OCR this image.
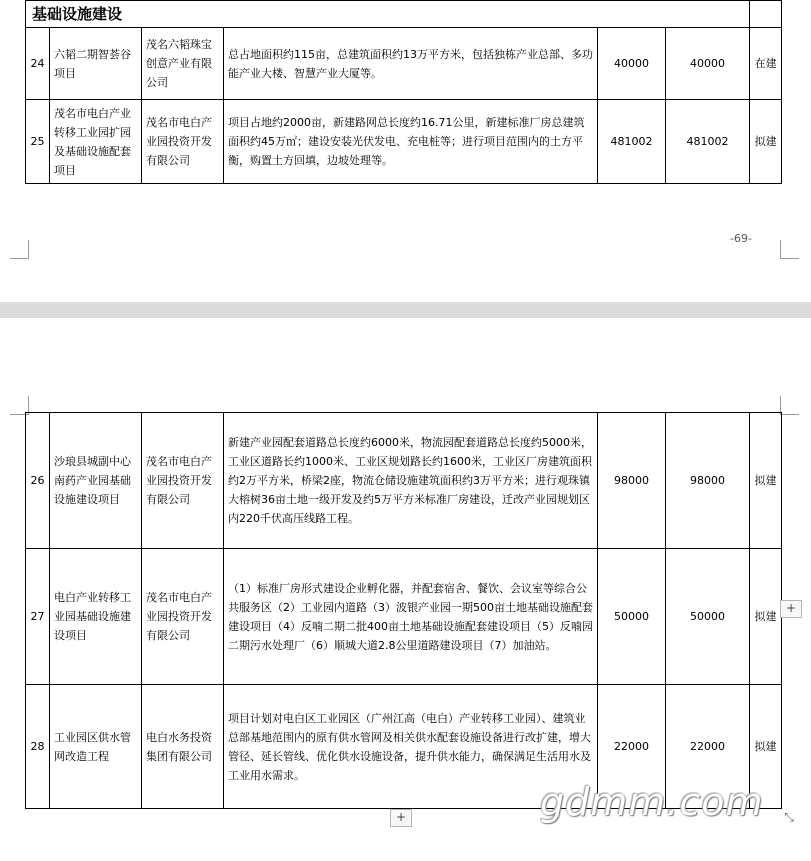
基础设施建设						
24	六韬二期智荟谷项目	茂名六韬珠宝创意产业有限公司	总占地面积约115亩，总建筑面积约13万平方米，包括独栋产业总部、多功能产业大楼、智慧产业大厦等。	40000	40000	在建
25	茂名市电白产业转移工业园扩园及基础设施配套项目	茂名市电白产业园投资开发有限公司	项目占地约2000亩，新建路网总长度约16.71公里，新建标准厂房总建筑面积约45万㎡；建设安装光伏发电、充电桩等；进行项目范围内的土方平衡，购置土方回填，边坡处理等。	481002	481002	拟建
-69-
26	沙琅县城副中心南药产业园基础设施建设项目	茂名市电白产业园投资开发有限公司	新建产业园配套道路总长度约6000米，物流园配套道路总长度约5000米，工业区道路长约1000米、工业区规划路长约1600米，工业区厂房建筑面积约2万平方米，桥梁2座，物流仓储设施建筑面积约3万平方米；进行观珠镇大榕树36亩土地一级开发及约5万平方米标准厂房建设，迁改产业园规划区内220千伏高压线路工程。	98000	98000	拟建
27	电白产业转移工业园基础设施建设项目	茂名市电白产业园投资开发有限公司	（1）标准厂房形式建设企业孵化器，并配套宿舍、餐饮、会议室等综合公共服务区（2）工业园内道路（3）波银产业园一期500亩土地基础设施配套建设项目（4）反喃二期二批400亩土地基础设施配套建设项目（5）反喃园二期污水处理厂（6）顺城大道2.8公里道路建设项目（7）加油站。	50000	50000	拟建
28	工业园区供水管网改造工程	电白水务投资集团有限公司	项目计划对电白区工业园区（广州江高（电白）产业转移工业园）、建筑业总部基地范围内的原有供水管网及相关供水配套设施设备进行改扩建，增大管径、延长管线、优化供水设施设备，提升供水能力，确保满足生活用水及工业用水需求。	22000	22000	拟建
+
+	⤡
gdmm.com
